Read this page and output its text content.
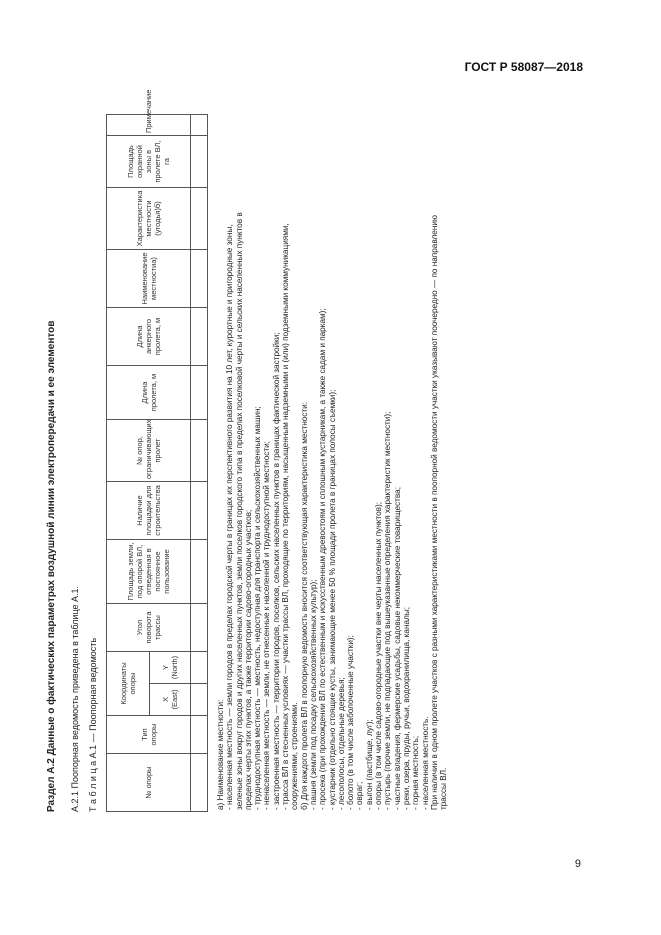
ГОСТ Р 58087—2018
Раздел А.2 Данные о фактических параметрах воздушной линии электропередачи и ее элементов А.2.1 Поопорная ведомость приведена в таблице А.1. Т а б л и ц а А.1 — Поопорная ведомость	№ опоры	Тип опоры	Координаты опоры		Угол поворота трассы	Площадь земли, под опорой ВЛ, отведенная в постоянное пользование	Наличие площадки для строительства	№ опор, ограничивающих пролет	Длина пролета, м	Длина анкерного пролета, м	Наименование местностиа)	Характеристика местности (угодья)б)	Площадь охранной зоны в пролете ВЛ, га	Примечание
		X (East)	Y (North)										

а) Наименование местности: - населенная местность — земли городов в пределах городской черты в границах их перспективного развития на 10 лет, курортные и пригородные зоны, зеленые зоны вокруг городов и других населенных пунктов, земли поселков городского типа в пределах поселковой черты и сельских населенных пунктов в пределах черты этих пунктов, а также территории садово-огородных участков; - труднодоступная местность — местность, недоступная для транспорта и сельскохозяйственных машин; - ненаселенная местность — земли, не отнесенные к населенной и труднодоступной местности; - застроенная местность — территории городов, поселков, сельских населенных пунктов в границах фактической застройки; - трасса ВЛ в стесненных условиях — участки трассы ВЛ, проходящие по территориям, насыщенным надземными и (или) подземными коммуникациями, сооружениями, строениями. б) Для каждого пролета ВЛ в поопорную ведомость вносится соответствующая характеристика местности: - пашня (земли под посадку сельскохозяйственных культур); - просека (при прохождении ВЛ по естественным и искусственным древостоям и сплошным кустарникам, а также садам и паркам); - кустарник (отдельно стоящие кусты, занимающие менее 50 % площади пролета в границах полосы съемки); - лесополосы, отдельные деревья; - болото (в том числе заболоченные участки); - овраг; - выгон (пастбище, луг); - опоры (в том числе садово-огородные участки вне черты населенных пунктов); - пустырь (прочие земли, не подпадающие под вышеуказанные определения характеристик местности); - частные владения, фермерские усадьбы, садовые некоммерческие товарищества; - реки, озера, пруды, ручьи, водохранилища, каналы; - горная местность; - населенная местность. При наличии в одном пролете участков с разными характеристиками местности в поопорной ведомости участки указывают поочередно — по направлению трассы ВЛ.
9
